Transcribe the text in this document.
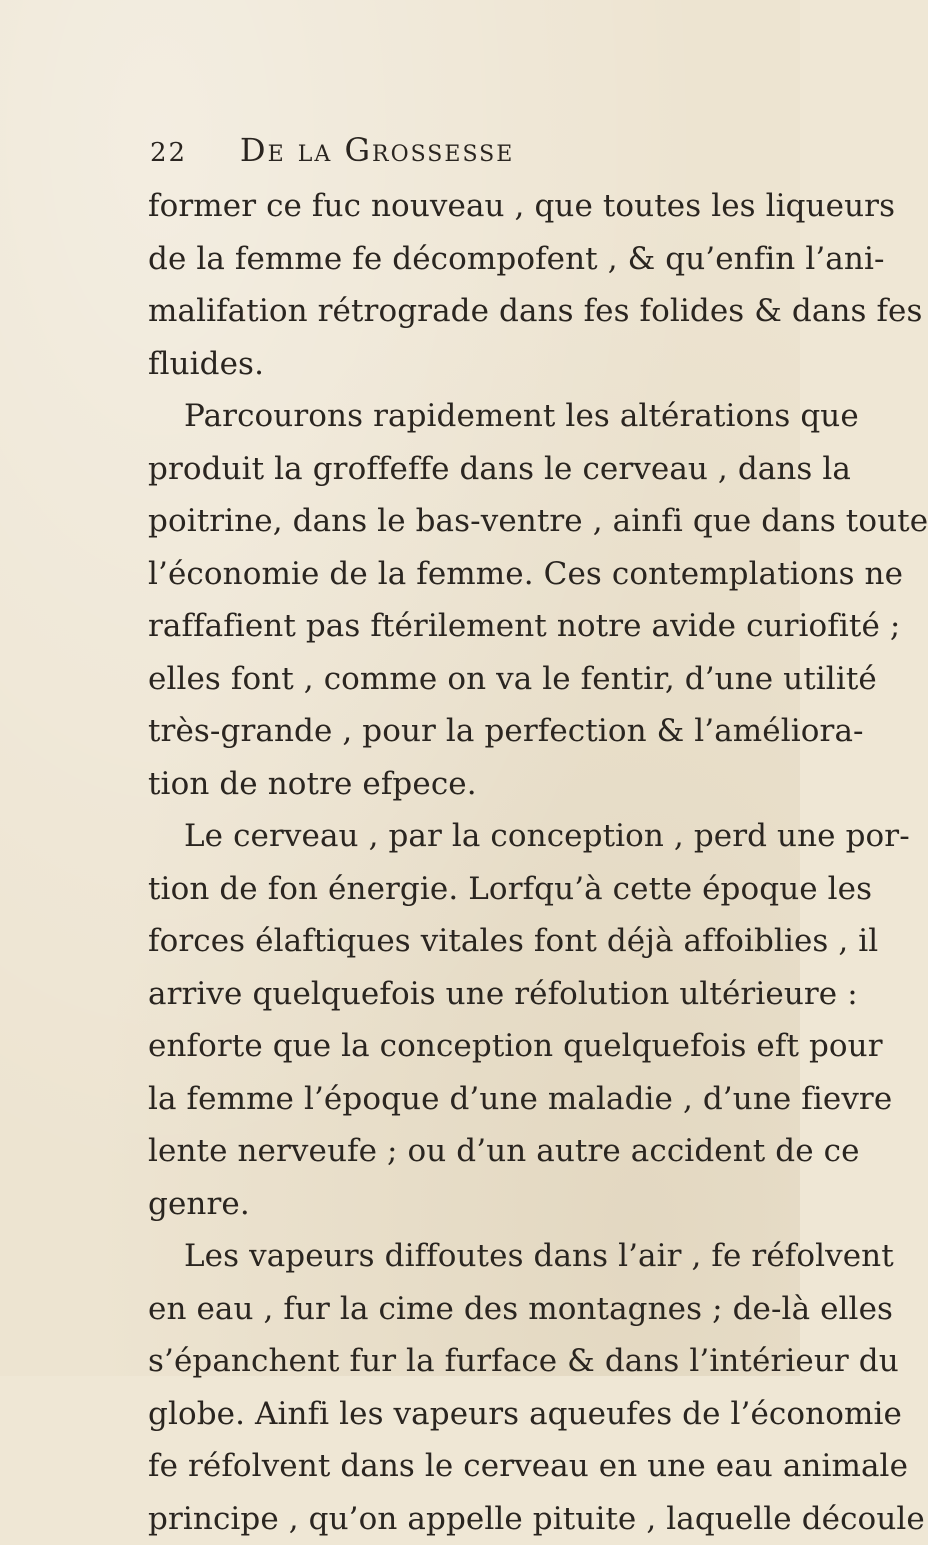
22 De la Grossesse
former ce fuc nouveau , que toutes les liqueurs
de la femme fe décompofent , & qu’enfin l’ani-
malifation rétrograde dans fes folides & dans fes
fluides.
Parcourons rapidement les altérations que
produit la groffeffe dans le cerveau , dans la
poitrine, dans le bas-ventre , ainfi que dans toute
l’économie de la femme. Ces contemplations ne
raffafient pas ftérilement notre avide curiofité ;
elles font , comme on va le fentir, d’une utilité
très-grande , pour la perfection & l’améliora-
tion de notre efpece.
Le cerveau , par la conception , perd une por-
tion de fon énergie. Lorfqu’à cette époque les
forces élaftiques vitales font déjà affoiblies , il
arrive quelquefois une réfolution ultérieure :
enforte que la conception quelquefois eft pour
la femme l’époque d’une maladie , d’une fievre
lente nerveufe ; ou d’un autre accident de ce
genre.
Les vapeurs diffoutes dans l’air , fe réfolvent
en eau , fur la cime des montagnes ; de-là elles
s’épanchent fur la furface & dans l’intérieur du
globe. Ainfi les vapeurs aqueufes de l’économie
fe réfolvent dans le cerveau en une eau animale
principe , qu’on appelle pituite , laquelle découle
